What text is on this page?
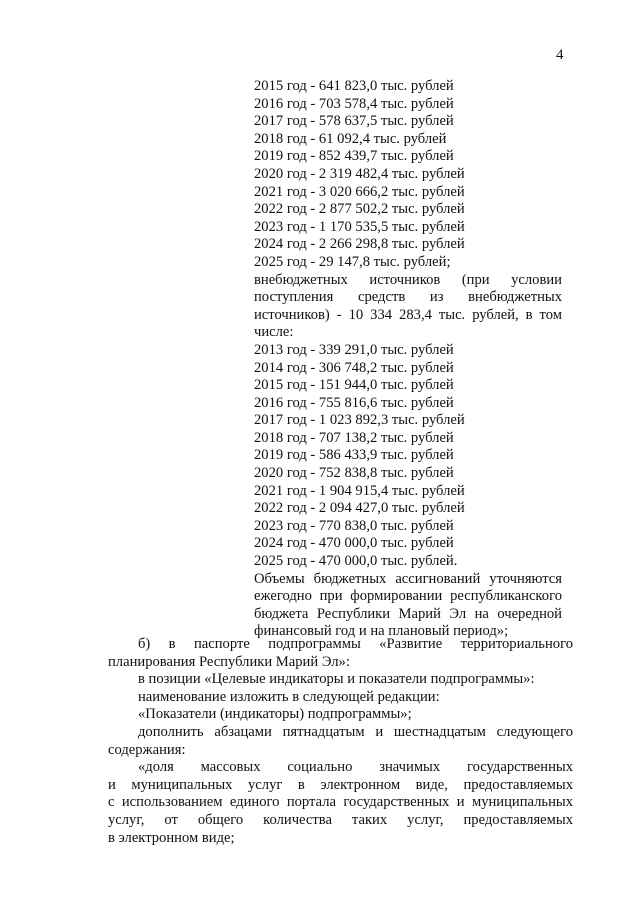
4
2015 год - 641 823,0 тыс. рублей
2016 год - 703 578,4 тыс. рублей
2017 год - 578 637,5 тыс. рублей
2018 год - 61 092,4 тыс. рублей
2019 год - 852 439,7 тыс. рублей
2020 год - 2 319 482,4 тыс. рублей
2021 год - 3 020 666,2 тыс. рублей
2022 год - 2 877 502,2 тыс. рублей
2023 год - 1 170 535,5 тыс. рублей
2024 год - 2 266 298,8 тыс. рублей
2025 год - 29 147,8 тыс. рублей;
внебюджетных источников (при условии
поступления средств из внебюджетных
источников) - 10 334 283,4 тыс. рублей, в том
числе:
2013 год - 339 291,0 тыс. рублей
2014 год - 306 748,2 тыс. рублей
2015 год - 151 944,0 тыс. рублей
2016 год - 755 816,6 тыс. рублей
2017 год - 1 023 892,3 тыс. рублей
2018 год - 707 138,2 тыс. рублей
2019 год - 586 433,9 тыс. рублей
2020 год - 752 838,8 тыс. рублей
2021 год - 1 904 915,4 тыс. рублей
2022 год - 2 094 427,0 тыс. рублей
2023 год - 770 838,0 тыс. рублей
2024 год - 470 000,0 тыс. рублей
2025 год - 470 000,0 тыс. рублей.
Объемы бюджетных ассигнований уточняются
ежегодно при формировании республиканского
бюджета Республики Марий Эл на очередной
финансовый год и на плановый период»;
б) в паспорте подпрограммы «Развитие территориального
планирования Республики Марий Эл»:
в позиции «Целевые индикаторы и показатели подпрограммы»:
наименование изложить в следующей редакции:
«Показатели (индикаторы) подпрограммы»;
дополнить абзацами пятнадцатым и шестнадцатым следующего
содержания:
«доля массовых социально значимых государственных
и муниципальных услуг в электронном виде, предоставляемых
с использованием единого портала государственных и муниципальных
услуг, от общего количества таких услуг, предоставляемых
в электронном виде;
